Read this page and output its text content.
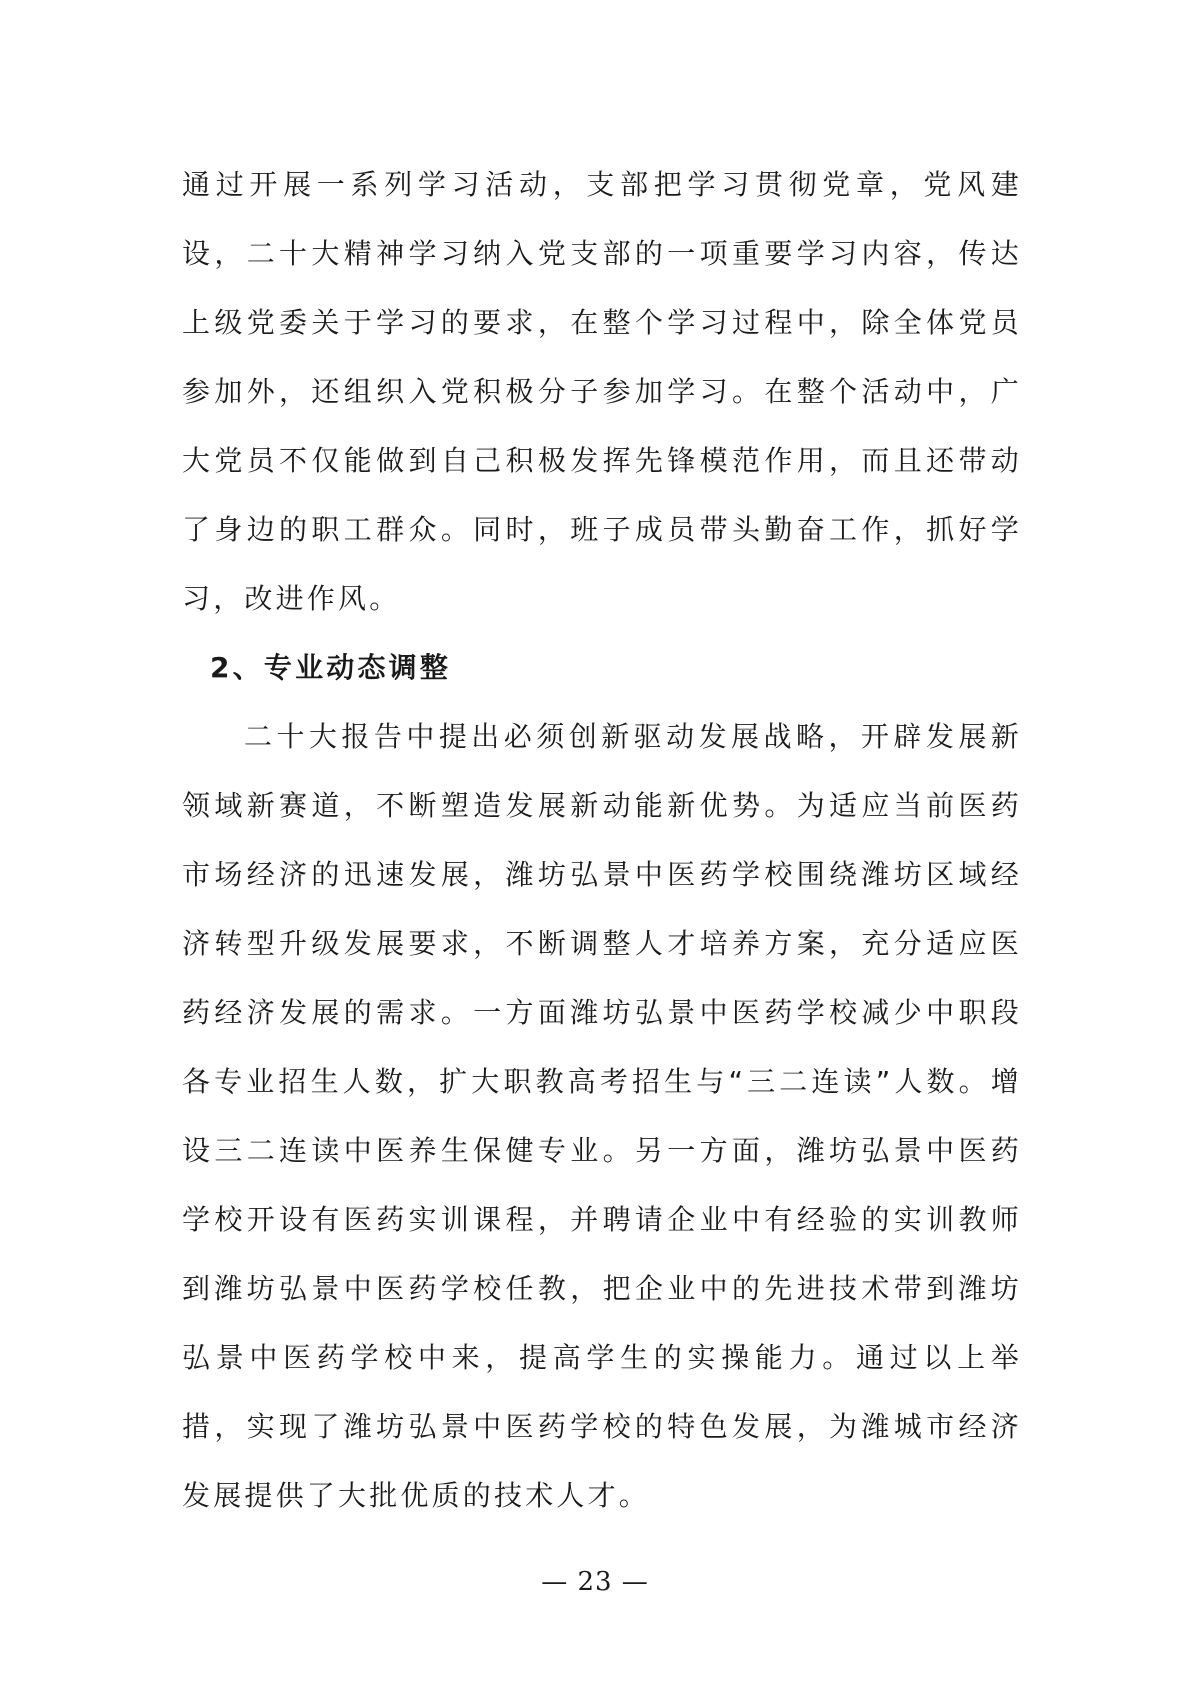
通过开展一系列学习活动，支部把学习贯彻党章，党风建设，二十大精神学习纳入党支部的一项重要学习内容，传达上级党委关于学习的要求，在整个学习过程中，除全体党员参加外，还组织入党积极分子参加学习。在整个活动中，广大党员不仅能做到自己积极发挥先锋模范作用，而且还带动了身边的职工群众。同时，班子成员带头勤奋工作，抓好学习，改进作风。

2、专业动态调整

二十大报告中提出必须创新驱动发展战略，开辟发展新领域新赛道，不断塑造发展新动能新优势。为适应当前医药市场经济的迅速发展，潍坊弘景中医药学校围绕潍坊区域经济转型升级发展要求，不断调整人才培养方案，充分适应医药经济发展的需求。一方面潍坊弘景中医药学校减少中职段各专业招生人数，扩大职教高考招生与“三二连读”人数。增设三二连读中医养生保健专业。另一方面，潍坊弘景中医药学校开设有医药实训课程，并聘请企业中有经验的实训教师到潍坊弘景中医药学校任教，把企业中的先进技术带到潍坊弘景中医药学校中来，提高学生的实操能力。通过以上举措，实现了潍坊弘景中医药学校的特色发展，为潍城市经济发展提供了大批优质的技术人才。

— 23 —
